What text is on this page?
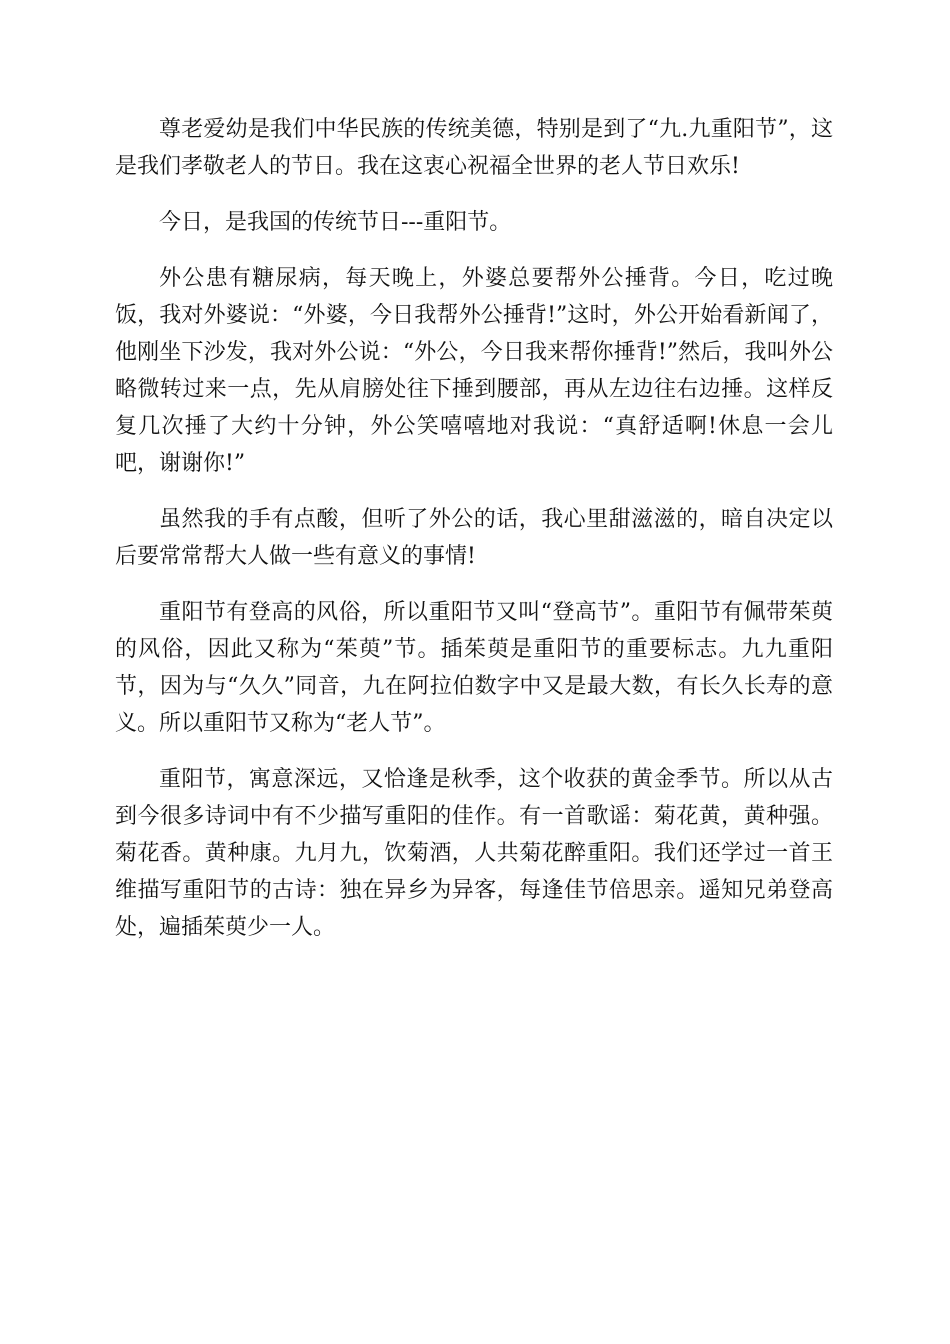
尊老爱幼是我们中华民族的传统美德，特别是到了“九.九重阳节”，这是我们孝敬老人的节日。我在这衷心祝福全世界的老人节日欢乐!

今日，是我国的传统节日---重阳节。

外公患有糖尿病，每天晚上，外婆总要帮外公捶背。今日，吃过晚饭，我对外婆说：“外婆，今日我帮外公捶背!”这时，外公开始看新闻了，他刚坐下沙发，我对外公说：“外公，今日我来帮你捶背!”然后，我叫外公略微转过来一点，先从肩膀处往下捶到腰部，再从左边往右边捶。这样反复几次捶了大约十分钟，外公笑嘻嘻地对我说：“真舒适啊!休息一会儿吧，谢谢你!”

虽然我的手有点酸，但听了外公的话，我心里甜滋滋的，暗自决定以后要常常帮大人做一些有意义的事情!

重阳节有登高的风俗，所以重阳节又叫“登高节”。重阳节有佩带茱萸的风俗，因此又称为“茱萸”节。插茱萸是重阳节的重要标志。九九重阳节，因为与“久久”同音，九在阿拉伯数字中又是最大数，有长久长寿的意义。所以重阳节又称为“老人节”。

重阳节，寓意深远，又恰逢是秋季，这个收获的黄金季节。所以从古到今很多诗词中有不少描写重阳的佳作。有一首歌谣：菊花黄，黄种强。菊花香。黄种康。九月九，饮菊酒，人共菊花醉重阳。我们还学过一首王维描写重阳节的古诗：独在异乡为异客，每逢佳节倍思亲。遥知兄弟登高处，遍插茱萸少一人。
